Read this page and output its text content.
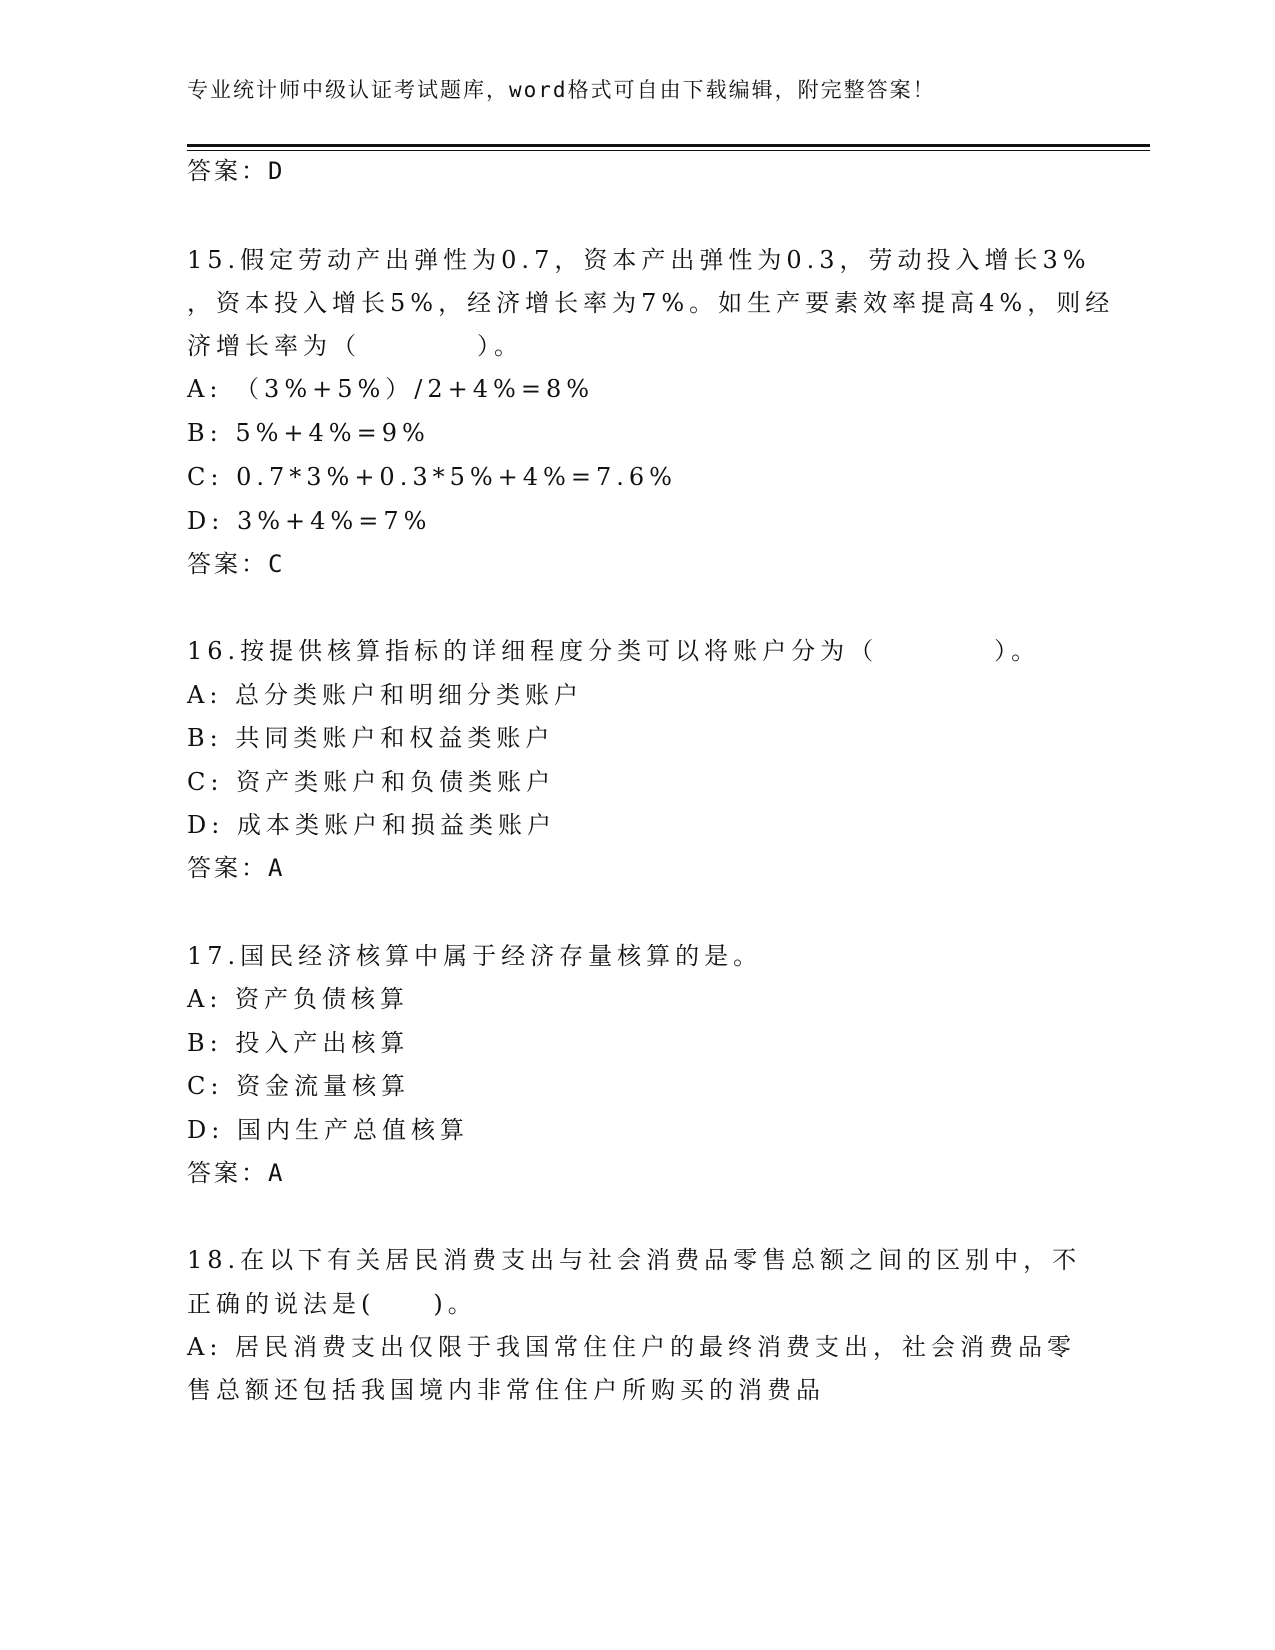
专业统计师中级认证考试题库，word格式可自由下载编辑，附完整答案！
答案：D
15.假定劳动产出弹性为0.7，资本产出弹性为0.3，劳动投入增长3%
，资本投入增长5%，经济增长率为7%。如生产要素效率提高4%，则经
济增长率为（　　　　）。
A: （3%+5%）/2+4%=8%
B: 5%+4%=9%
C: 0.7*3%+0.3*5%+4%=7.6%
D: 3%+4%=7%
答案：C
16.按提供核算指标的详细程度分类可以将账户分为（　　　　）。
A: 总分类账户和明细分类账户
B: 共同类账户和权益类账户
C: 资产类账户和负债类账户
D: 成本类账户和损益类账户
答案：A
17.国民经济核算中属于经济存量核算的是。
A: 资产负债核算
B: 投入产出核算
C: 资金流量核算
D: 国内生产总值核算
答案：A
18.在以下有关居民消费支出与社会消费品零售总额之间的区别中，不
正确的说法是(　　)。
A: 居民消费支出仅限于我国常住住户的最终消费支出，社会消费品零
售总额还包括我国境内非常住住户所购买的消费品
